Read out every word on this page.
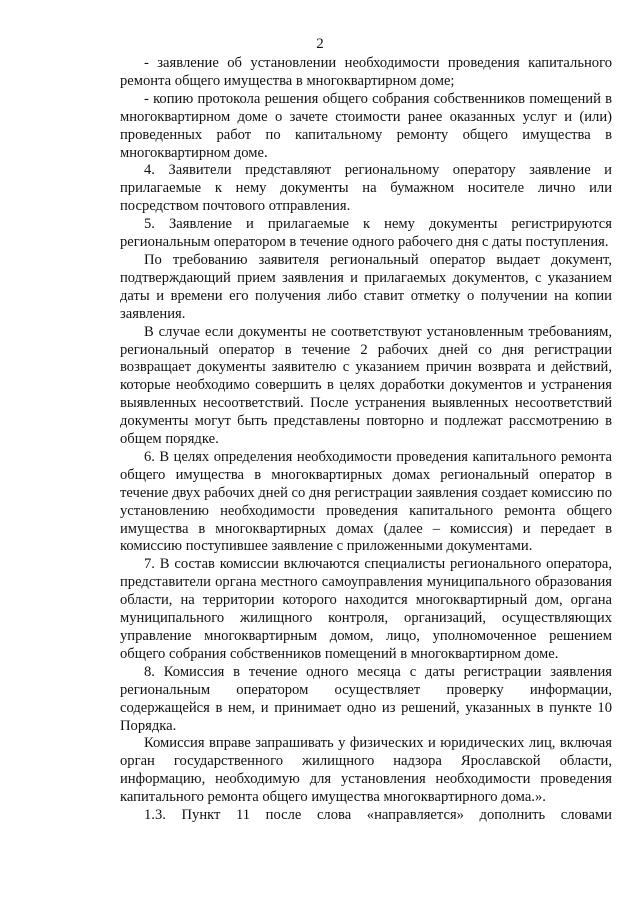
2

- заявление об установлении необходимости проведения капитального ремонта общего имущества в многоквартирном доме;

- копию протокола решения общего собрания собственников помещений в многоквартирном доме о зачете стоимости ранее оказанных услуг и (или) проведенных работ по капитальному ремонту общего имущества в многоквартирном доме.

4. Заявители представляют региональному оператору заявление и прилагаемые к нему документы на бумажном носителе лично или посредством почтового отправления.

5. Заявление и прилагаемые к нему документы регистрируются региональным оператором в течение одного рабочего дня с даты поступления.

По требованию заявителя региональный оператор выдает документ, подтверждающий прием заявления и прилагаемых документов, с указанием даты и времени его получения либо ставит отметку о получении на копии заявления.

В случае если документы не соответствуют установленным требованиям, региональный оператор в течение 2 рабочих дней со дня регистрации возвращает документы заявителю с указанием причин возврата и действий, которые необходимо совершить в целях доработки документов и устранения выявленных несоответствий. После устранения выявленных несоответствий документы могут быть представлены повторно и подлежат рассмотрению в общем порядке.

6. В целях определения необходимости проведения капитального ремонта общего имущества в многоквартирных домах региональный оператор в течение двух рабочих дней со дня регистрации заявления создает комиссию по установлению необходимости проведения капитального ремонта общего имущества в многоквартирных домах (далее – комиссия) и передает в комиссию поступившее заявление с приложенными документами.

7. В состав комиссии включаются специалисты регионального оператора, представители органа местного самоуправления муниципального образования области, на территории которого находится многоквартирный дом, органа муниципального жилищного контроля, организаций, осуществляющих управление многоквартирным домом, лицо, уполномоченное решением общего собрания собственников помещений в многоквартирном доме.

8. Комиссия в течение одного месяца с даты регистрации заявления региональным оператором осуществляет проверку информации, содержащейся в нем, и принимает одно из решений, указанных в пункте 10 Порядка.

Комиссия вправе запрашивать у физических и юридических лиц, включая орган государственного жилищного надзора Ярославской области, информацию, необходимую для установления необходимости проведения капитального ремонта общего имущества многоквартирного дома.».

1.3. Пункт 11 после слова «направляется» дополнить словами
